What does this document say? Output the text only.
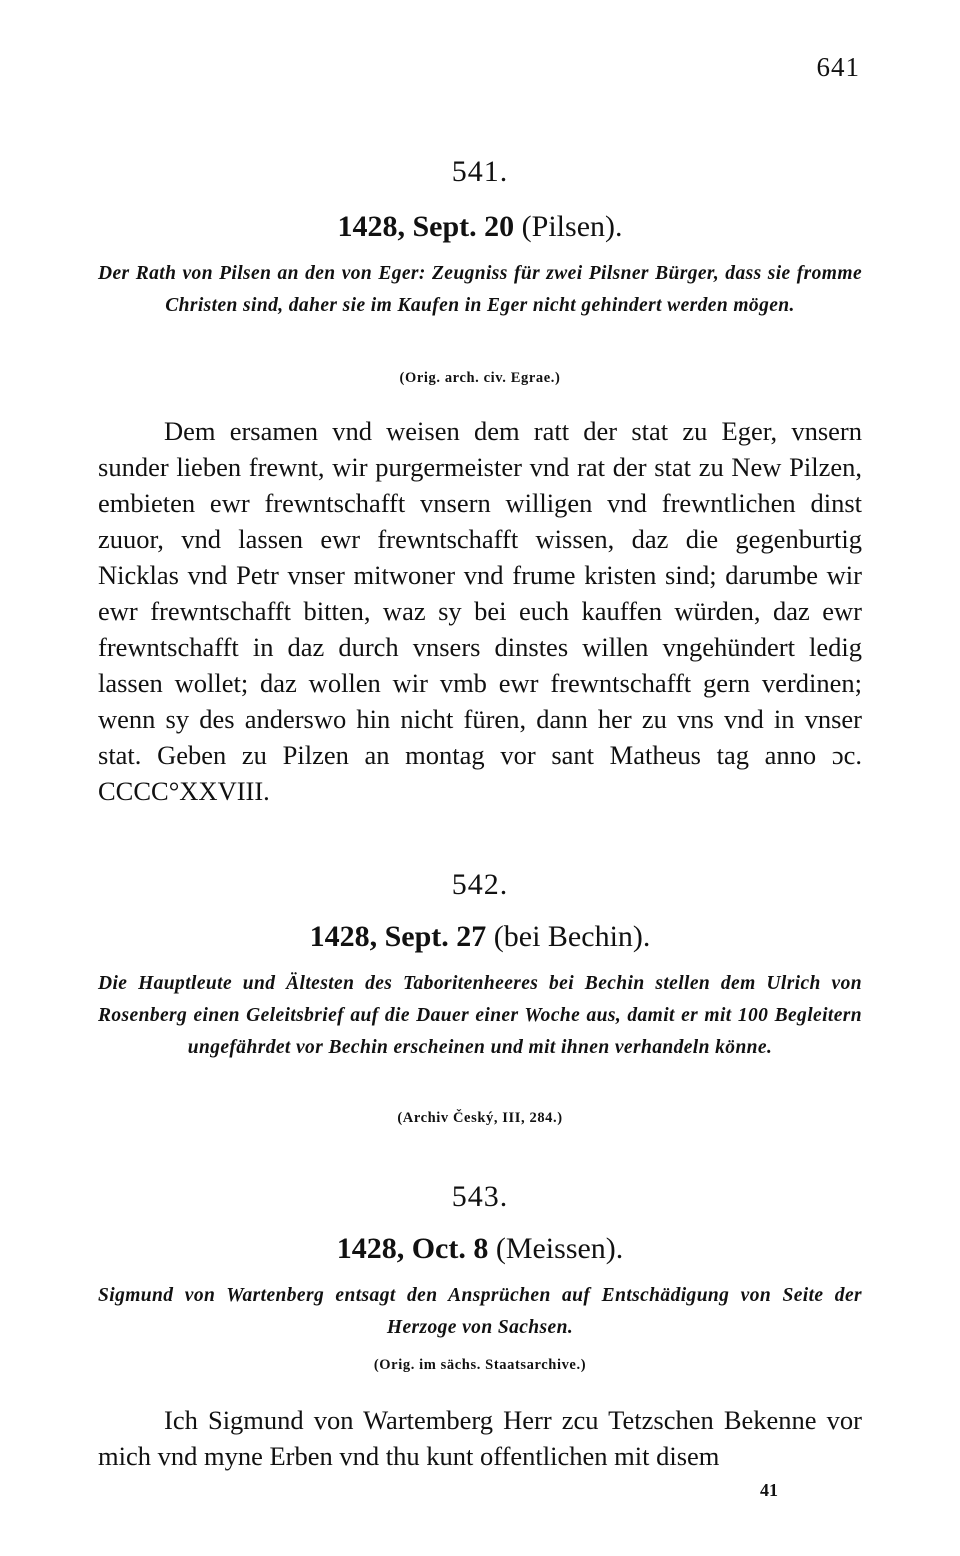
641
541.
1428, Sept. 20 (Pilsen).
Der Rath von Pilsen an den von Eger: Zeugniss für zwei Pilsner Bürger, dass sie fromme Christen sind, daher sie im Kaufen in Eger nicht gehindert werden mögen.
(Orig. arch. civ. Egrae.)
Dem ersamen vnd weisen dem ratt der stat zu Eger, vnsern sunder lieben frewnt, wir purgermeister vnd rat der stat zu New Pilzen, embieten ewr frewntschafft vnsern willigen vnd frewntlichen dinst zuuor, vnd lassen ewr frewntschafft wissen, daz die gegenburtig Nicklas vnd Petr vnser mitwoner vnd frume kristen sind; darumbe wir ewr frewntschafft bitten, waz sy bei euch kauffen würden, daz ewr frewntschafft in daz durch vnsers dinstes willen vngehündert ledig lassen wollet; daz wollen wir vmb ewr frewntschafft gern verdinen; wenn sy des anderswo hin nicht füren, dann her zu vns vnd in vnser stat. Geben zu Pilzen an montag vor sant Matheus tag anno ɔc. CCCC°XXVIII.
542.
1428, Sept. 27 (bei Bechin).
Die Hauptleute und Ältesten des Taboritenheeres bei Bechin stellen dem Ulrich von Rosenberg einen Geleitsbrief auf die Dauer einer Woche aus, damit er mit 100 Begleitern ungefährdet vor Bechin erscheinen und mit ihnen verhandeln könne.
(Archiv Český, III, 284.)
543.
1428, Oct. 8 (Meissen).
Sigmund von Wartenberg entsagt den Ansprüchen auf Entschädigung von Seite der Herzoge von Sachsen.
(Orig. im sächs. Staatsarchive.)
Ich Sigmund von Wartemberg Herr zcu Tetzschen Bekenne vor mich vnd myne Erben vnd thu kunt offentlichen mit disem
41
